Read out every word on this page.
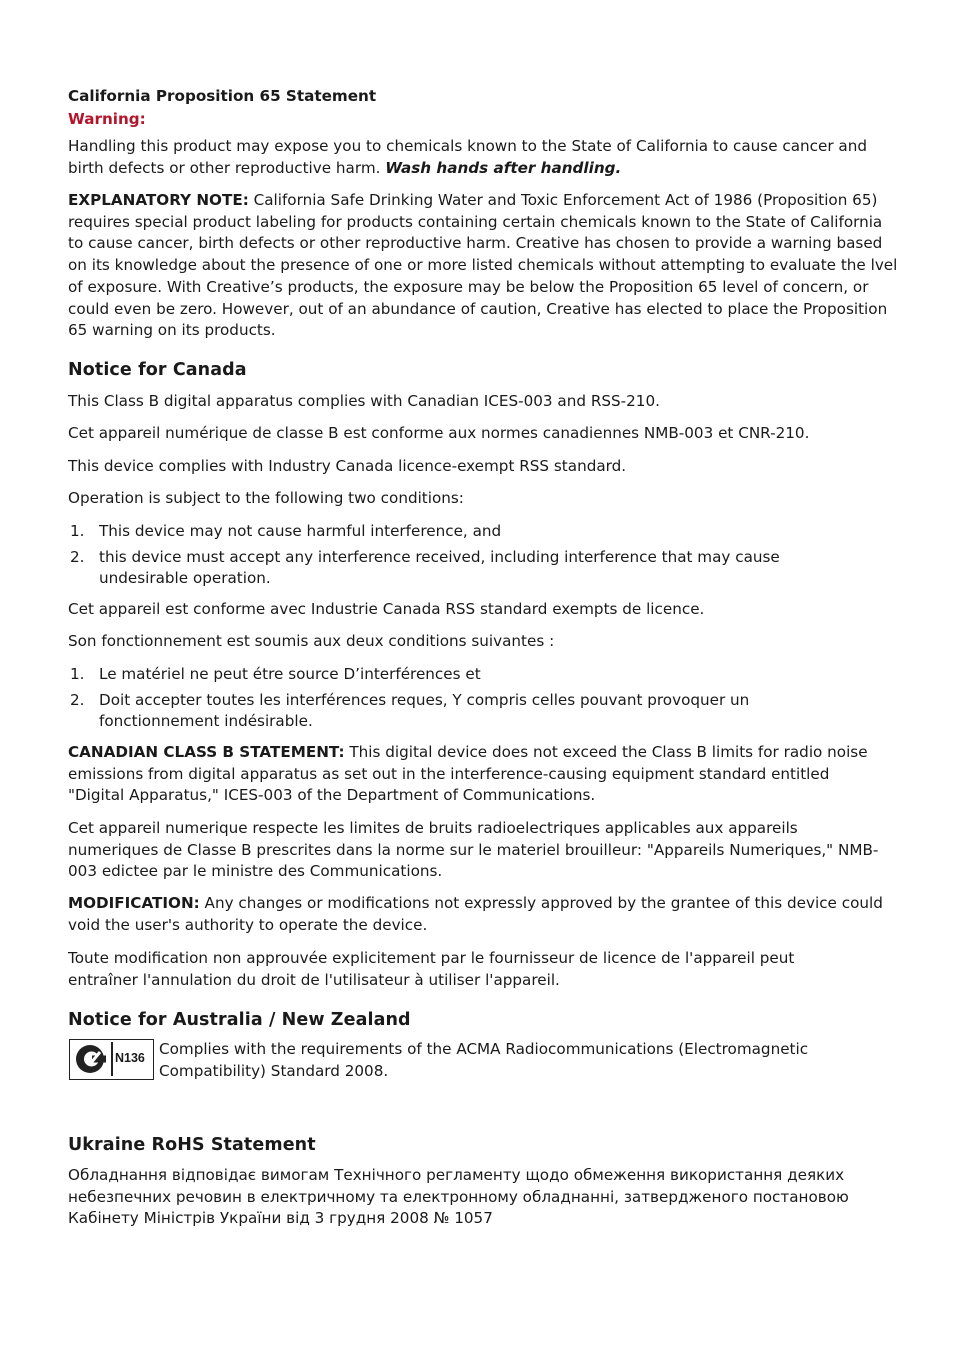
California Proposition 65 Statement

Warning:

Handling this product may expose you to chemicals known to the State of California to cause cancer and birth defects or other reproductive harm. Wash hands after handling.

EXPLANATORY NOTE: California Safe Drinking Water and Toxic Enforcement Act of 1986 (Proposition 65) requires special product labeling for products containing certain chemicals known to the State of California to cause cancer, birth defects or other reproductive harm. Creative has chosen to provide a warning based on its knowledge about the presence of one or more listed chemicals without attempting to evaluate the lvel of exposure. With Creative’s products, the exposure may be below the Proposition 65 level of concern, or could even be zero. However, out of an abundance of caution, Creative has elected to place the Proposition 65 warning on its products.

Notice for Canada

This Class B digital apparatus complies with Canadian ICES-003 and RSS-210.

Cet appareil numérique de classe B est conforme aux normes canadiennes NMB-003 et CNR-210.

This device complies with Industry Canada licence-exempt RSS standard.

Operation is subject to the following two conditions:

1. This device may not cause harmful interference, and
2. this device must accept any interference received, including interference that may cause undesirable operation.

Cet appareil est conforme avec Industrie Canada RSS standard exempts de licence.

Son fonctionnement est soumis aux deux conditions suivantes :

1. Le matériel ne peut étre source D’interférences et
2. Doit accepter toutes les interférences reques, Y compris celles pouvant provoquer un fonctionnement indésirable.

CANADIAN CLASS B STATEMENT: This digital device does not exceed the Class B limits for radio noise emissions from digital apparatus as set out in the interference-causing equipment standard entitled "Digital Apparatus," ICES-003 of the Department of Communications.

Cet appareil numerique respecte les limites de bruits radioelectriques applicables aux appareils numeriques de Classe B prescrites dans la norme sur le materiel brouilleur: "Appareils Numeriques," NMB-003 edictee par le ministre des Communications.

MODIFICATION: Any changes or modifications not expressly approved by the grantee of this device could void the user's authority to operate the device.

Toute modification non approuvée explicitement par le fournisseur de licence de l'appareil peut entraîner l'annulation du droit de l'utilisateur à utiliser l'appareil.

Notice for Australia / New Zealand

N136 Complies with the requirements of the ACMA Radiocommunications (Electromagnetic Compatibility) Standard 2008.

Ukraine RoHS Statement

Обладнання відповідає вимогам Технічного регламенту щодо обмеження використання деяких небезпечних речовин в електричному та електронному обладнанні, затвердженого постановою Кабінету Міністрів України від 3 грудня 2008 № 1057
